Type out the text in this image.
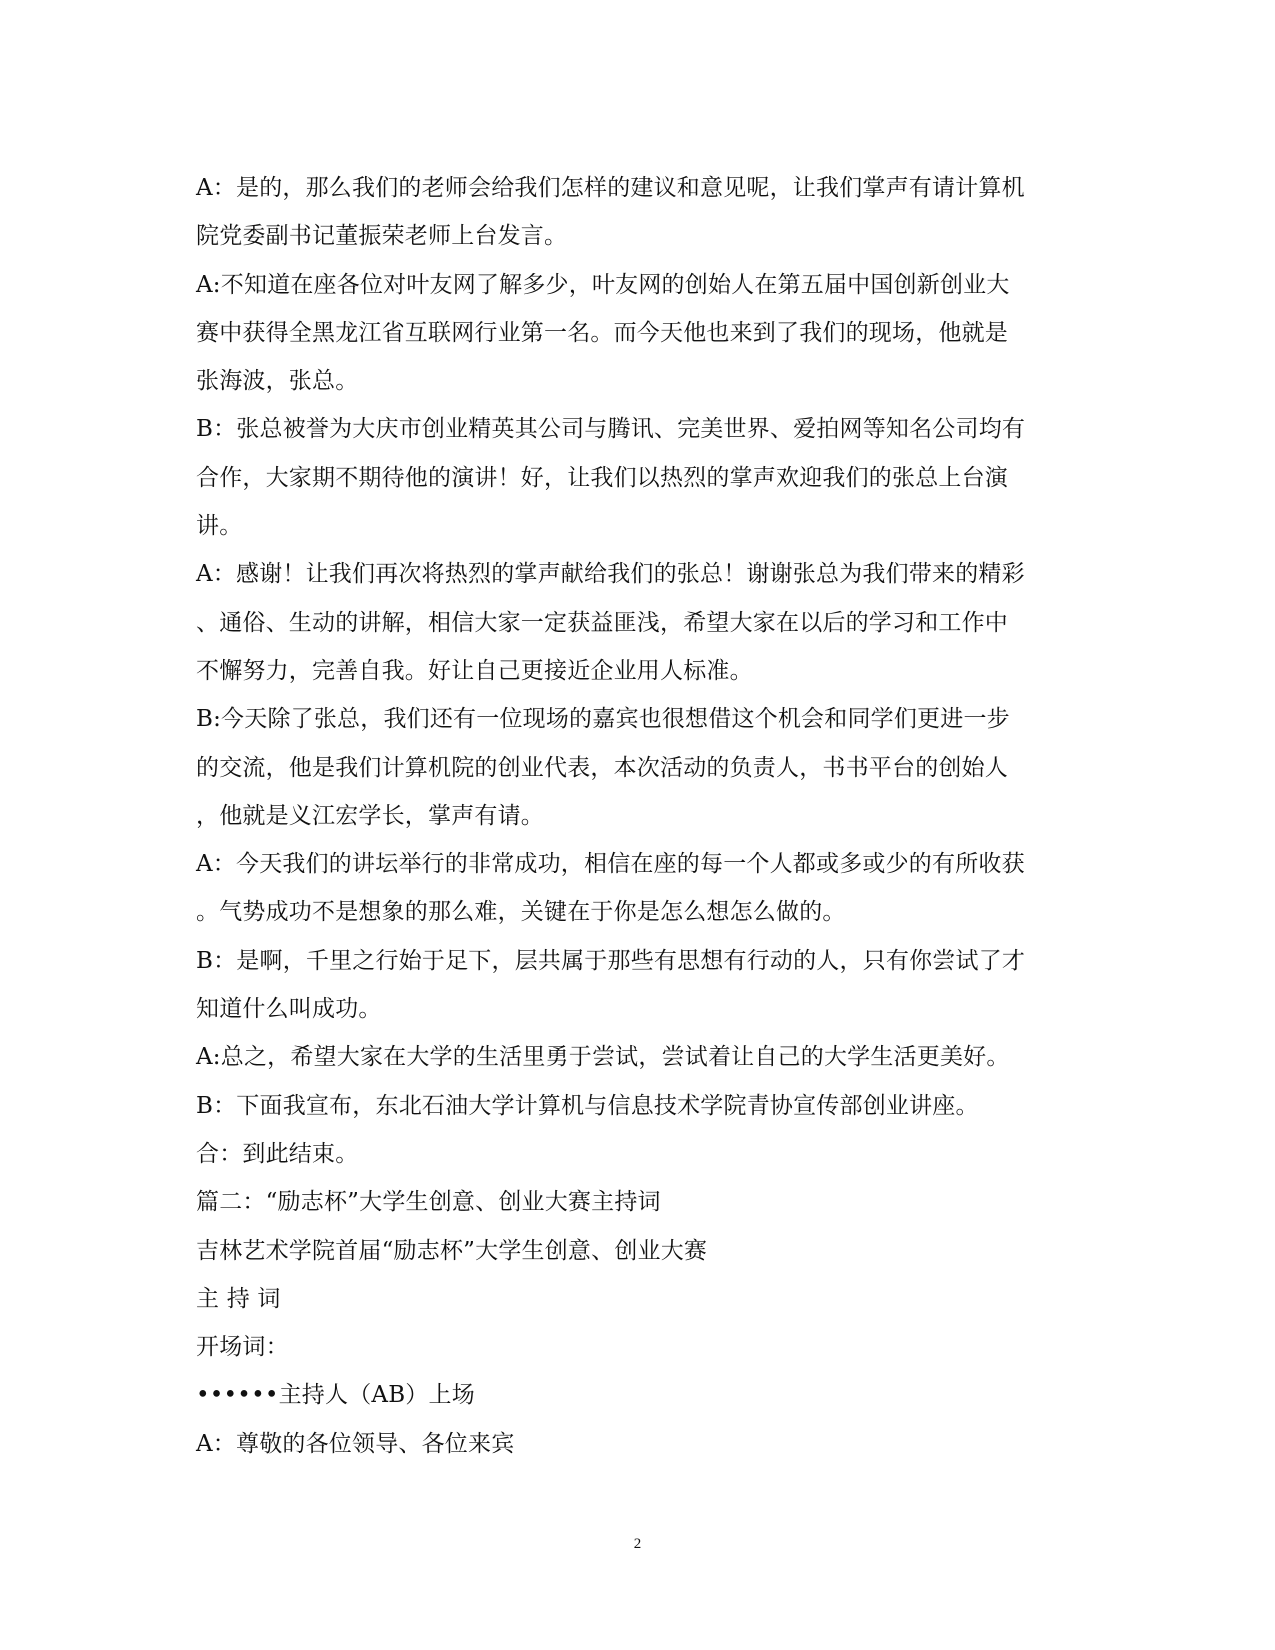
A：是的，那么我们的老师会给我们怎样的建议和意见呢，让我们掌声有请计算机
院党委副书记董振荣老师上台发言。
A:不知道在座各位对叶友网了解多少，叶友网的创始人在第五届中国创新创业大
赛中获得全黑龙江省互联网行业第一名。而今天他也来到了我们的现场，他就是
张海波，张总。
B：张总被誉为大庆市创业精英其公司与腾讯、完美世界、爱拍网等知名公司均有
合作，大家期不期待他的演讲！好，让我们以热烈的掌声欢迎我们的张总上台演
讲。
A：感谢！让我们再次将热烈的掌声献给我们的张总！谢谢张总为我们带来的精彩
、通俗、生动的讲解，相信大家一定获益匪浅，希望大家在以后的学习和工作中
不懈努力，完善自我。好让自己更接近企业用人标准。
B:今天除了张总，我们还有一位现场的嘉宾也很想借这个机会和同学们更进一步
的交流，他是我们计算机院的创业代表，本次活动的负责人，书书平台的创始人
，他就是义江宏学长，掌声有请。
A：今天我们的讲坛举行的非常成功，相信在座的每一个人都或多或少的有所收获
。气势成功不是想象的那么难，关键在于你是怎么想怎么做的。
B：是啊，千里之行始于足下，层共属于那些有思想有行动的人，只有你尝试了才
知道什么叫成功。
A:总之，希望大家在大学的生活里勇于尝试，尝试着让自己的大学生活更美好。
B：下面我宣布，东北石油大学计算机与信息技术学院青协宣传部创业讲座。
合：到此结束。
篇二：“励志杯”大学生创意、创业大赛主持词
吉林艺术学院首届“励志杯”大学生创意、创业大赛
主 持 词
开场词：
••••••主持人（AB）上场
A：尊敬的各位领导、各位来宾
2
